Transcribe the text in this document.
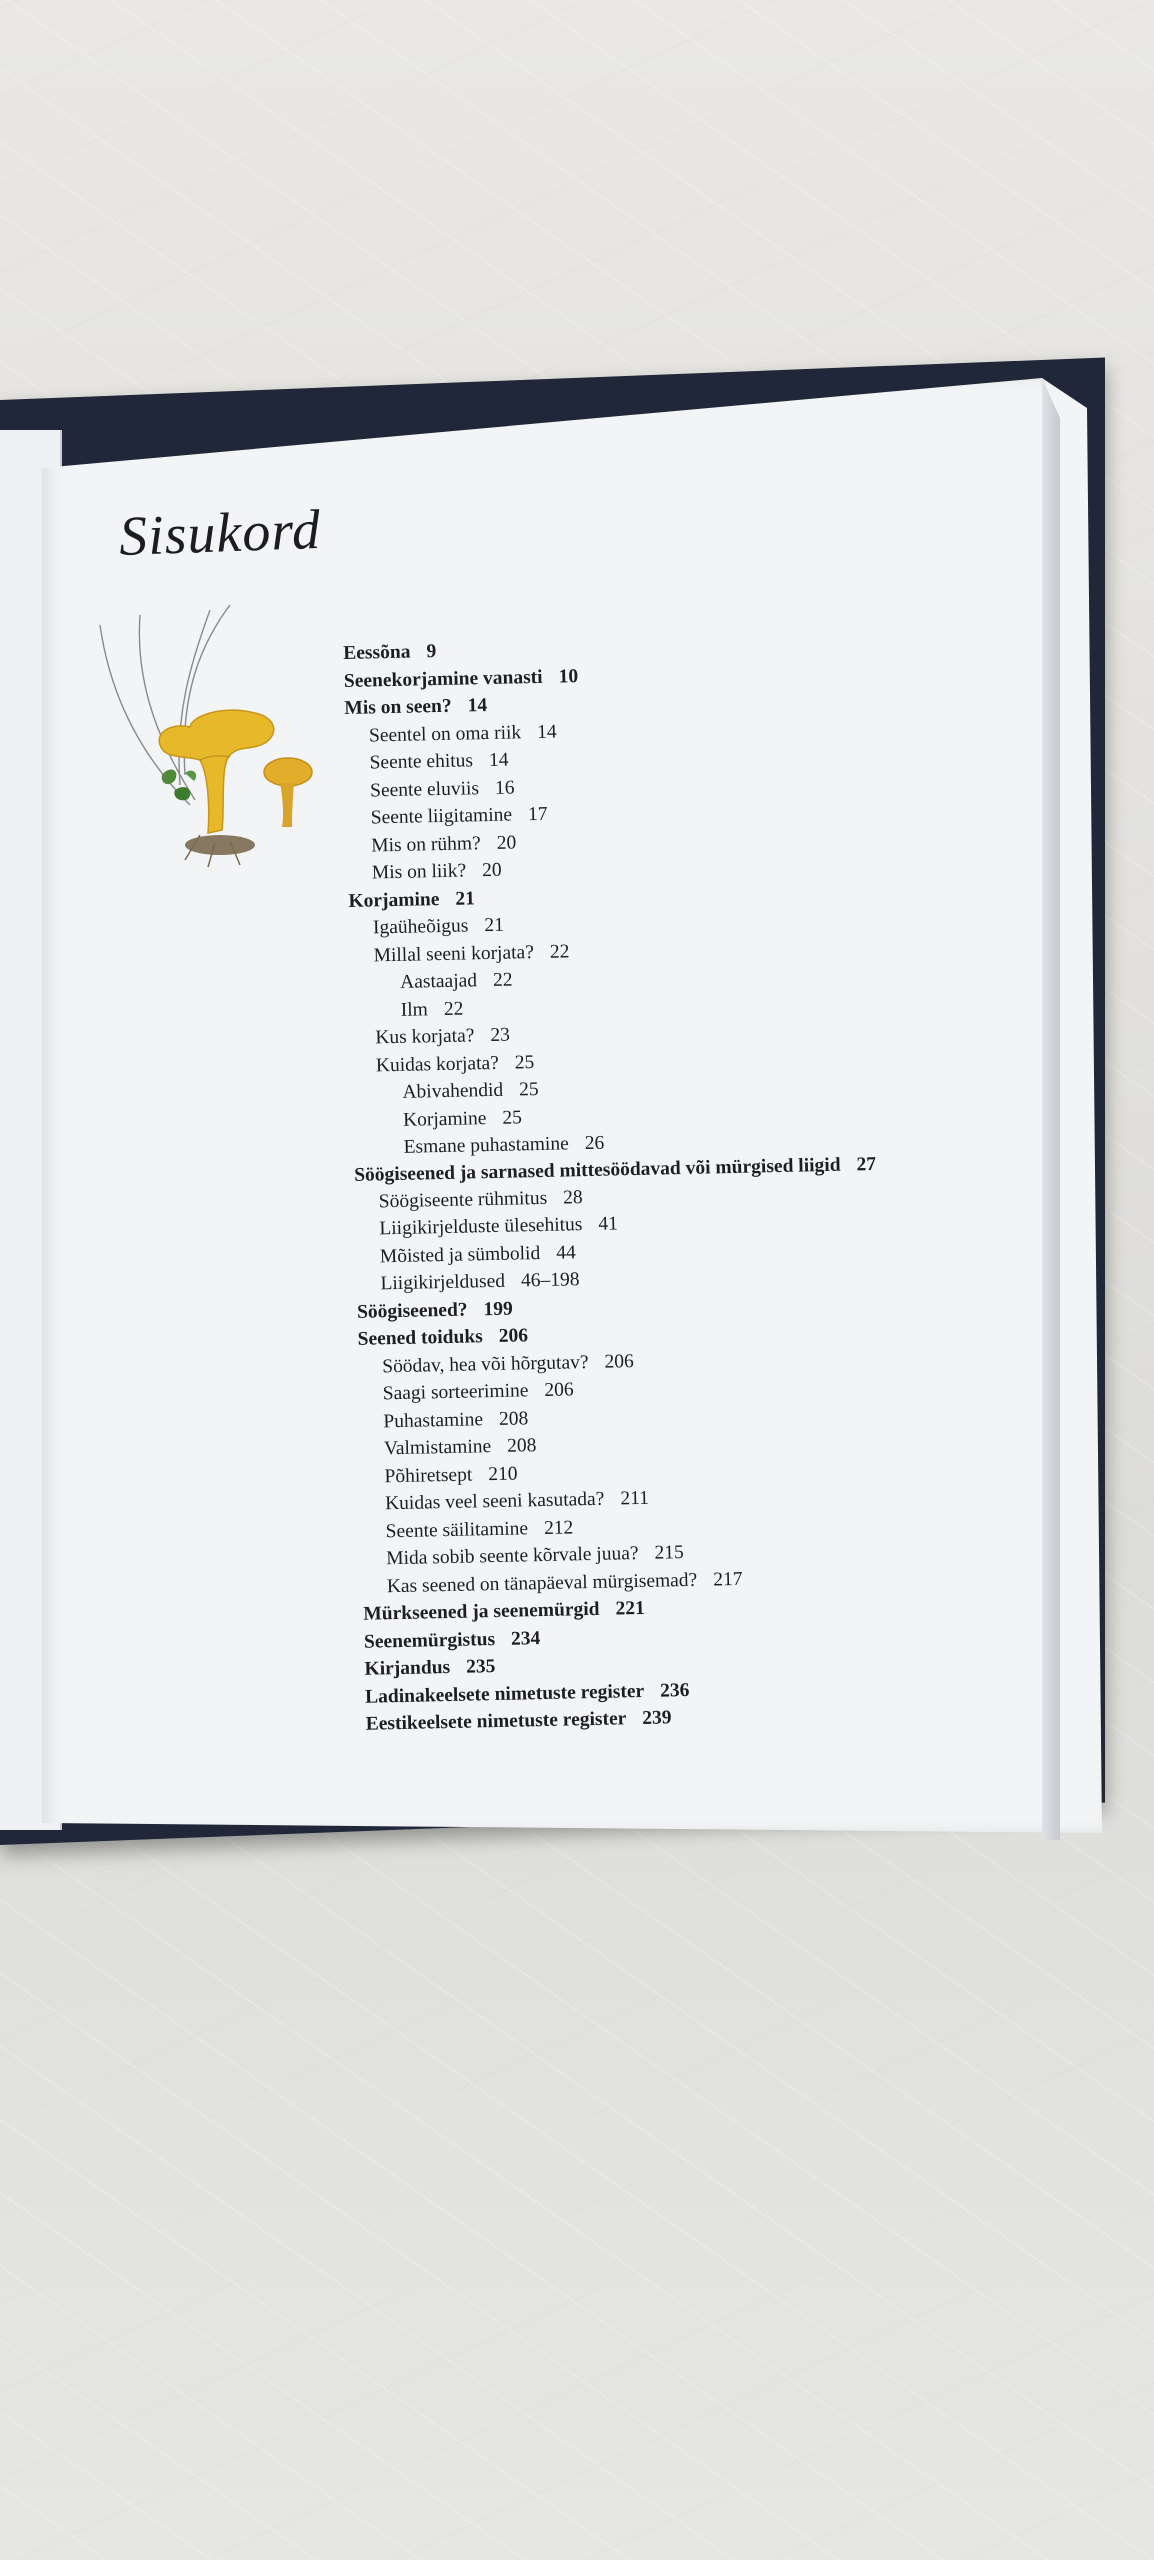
Sisukord
Eessõna 9
Seenekorjamine vanasti 10
Mis on seen? 14
Seentel on oma riik 14
Seente ehitus 14
Seente eluviis 16
Seente liigitamine 17
Mis on rühm? 20
Mis on liik? 20
Korjamine 21
Igaüheõigus 21
Millal seeni korjata? 22
Aastaajad 22
Ilm 22
Kus korjata? 23
Kuidas korjata? 25
Abivahendid 25
Korjamine 25
Esmane puhastamine 26
Söögiseened ja sarnased mittesöödavad või mürgised liigid 27
Söögiseente rühmitus 28
Liigikirjelduste ülesehitus 41
Mõisted ja sümbolid 44
Liigikirjeldused 46–198
Söögiseened? 199
Seened toiduks 206
Söödav, hea või hõrgutav? 206
Saagi sorteerimine 206
Puhastamine 208
Valmistamine 208
Põhiretsept 210
Kuidas veel seeni kasutada? 211
Seente säilitamine 212
Mida sobib seente kõrvale juua? 215
Kas seened on tänapäeval mürgisemad? 217
Mürkseened ja seenemürgid 221
Seenemürgistus 234
Kirjandus 235
Ladinakeelsete nimetuste register 236
Eestikeelsete nimetuste register 239
